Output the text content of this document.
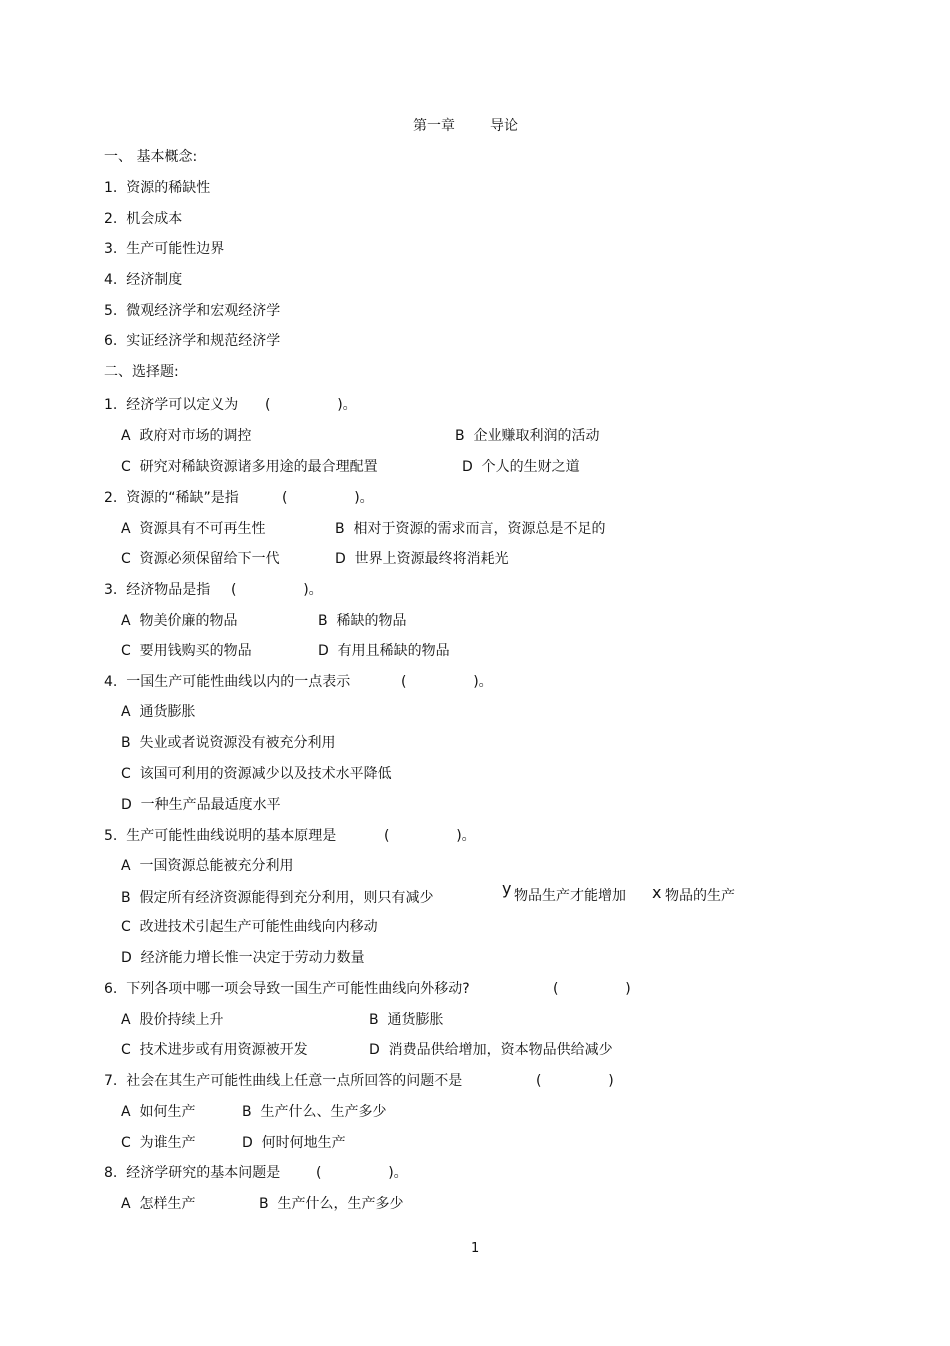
第一章	导论
一、 基本概念:
1.  资源的稀缺性
2.  机会成本
3.  生产可能性边界
4.  经济制度
5.  微观经济学和宏观经济学
6.  实证经济学和规范经济学
二、选择题:
1.  经济学可以定义为 (               )。
A  政府对市场的调控	B  企业赚取利润的活动
C  研究对稀缺资源诸多用途的最合理配置	D  个人的生财之道
2.  资源的“稀缺”是指	(               )。
A  资源具有不可再生性	B  相对于资源的需求而言，资源总是不足的
C  资源必须保留给下一代	D  世界上资源最终将消耗光
3.  经济物品是指 (               )。
A  物美价廉的物品	B  稀缺的物品
C  要用钱购买的物品	D  有用且稀缺的物品
4.  一国生产可能性曲线以内的一点表示	(               )。
A  通货膨胀
B  失业或者说资源没有被充分利用
C  该国可利用的资源减少以及技术水平降低
D  一种生产品最适度水平
5.  生产可能性曲线说明的基本原理是	(               )。
A  一国资源总能被充分利用
B  假定所有经济资源能得到充分利用，则只有减少	y 物品生产才能增加 x 物品的生产
C  改进技术引起生产可能性曲线向内移动
D  经济能力增长惟一决定于劳动力数量
6.  下列各项中哪一项会导致一国生产可能性曲线向外移动?	(               )
A  股价持续上升	B  通货膨胀
C  技术进步或有用资源被开发	D  消费品供给增加，资本物品供给减少
7.  社会在其生产可能性曲线上任意一点所回答的问题不是	(               )
A  如何生产	B  生产什么、生产多少
C  为谁生产	D  何时何地生产
8.  经济学研究的基本问题是	(               )。
A  怎样生产	B  生产什么，生产多少
1
